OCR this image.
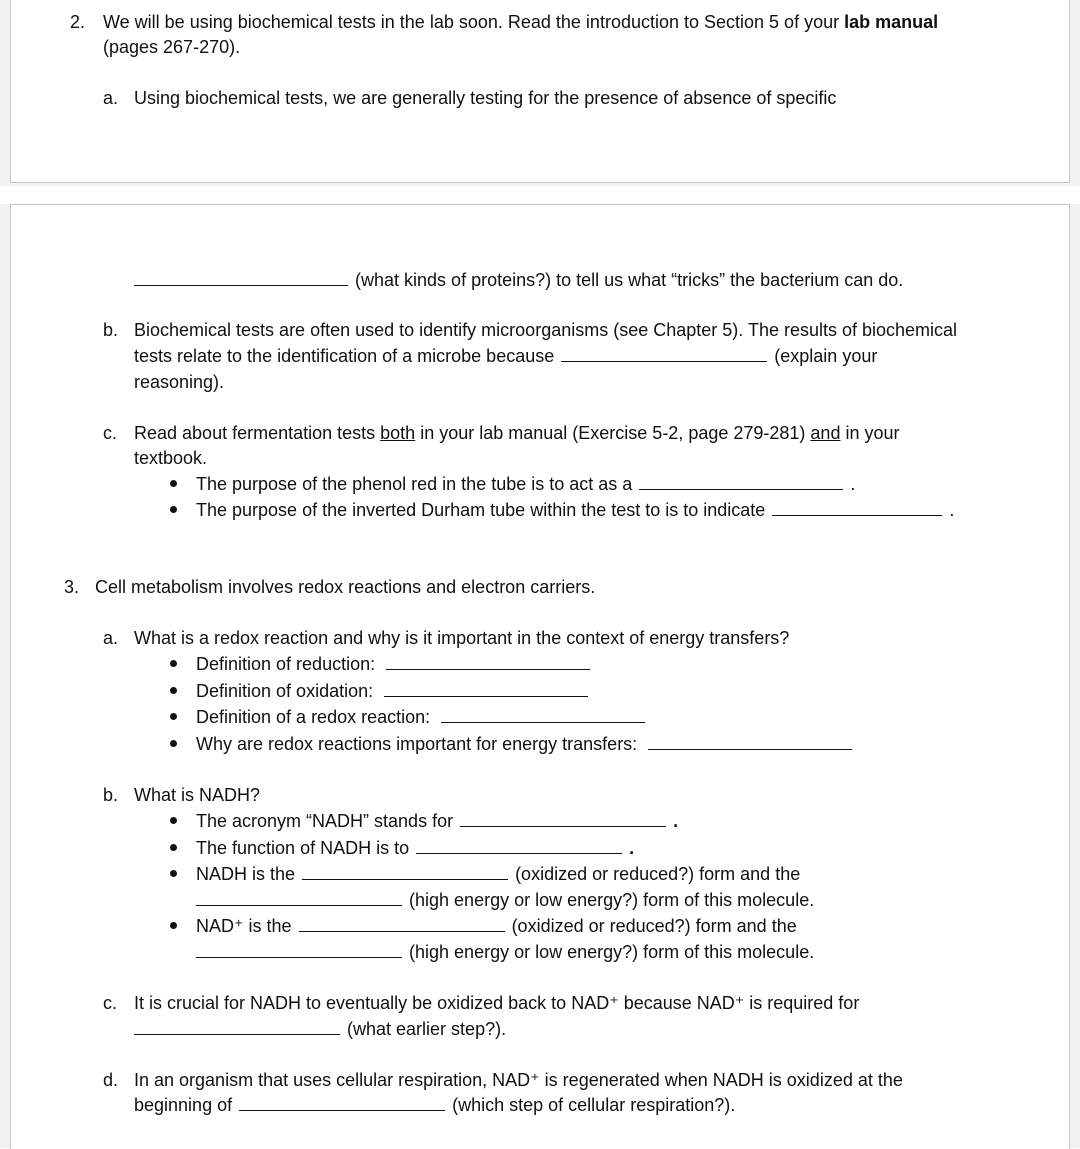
2. We will be using biochemical tests in the lab soon. Read the introduction to Section 5 of your lab manual
(pages 267-270).
a. Using biochemical tests, we are generally testing for the presence of absence of specific
(what kinds of proteins?) to tell us what “tricks” the bacterium can do.
b. Biochemical tests are often used to identify microorganisms (see Chapter 5). The results of biochemical
tests relate to the identification of a microbe because	(explain your
reasoning).
c. Read about fermentation tests both in your lab manual (Exercise 5-2, page 279-281) and in your
textbook.
The purpose of the phenol red in the tube is to act as a	.
The purpose of the inverted Durham tube within the test to is to indicate	.
3. Cell metabolism involves redox reactions and electron carriers.
a. What is a redox reaction and why is it important in the context of energy transfers?
Definition of reduction:
Definition of oxidation:
Definition of a redox reaction:
Why are redox reactions important for energy transfers:
b. What is NADH?
The acronym “NADH” stands for	.
The function of NADH is to	.
NADH is the	(oxidized or reduced?) form and the
(high energy or low energy?) form of this molecule.
NAD⁺ is the	(oxidized or reduced?) form and the
(high energy or low energy?) form of this molecule.
c. It is crucial for NADH to eventually be oxidized back to NAD⁺ because NAD⁺ is required for
(what earlier step?).
d. In an organism that uses cellular respiration, NAD⁺ is regenerated when NADH is oxidized at the
beginning of	(which step of cellular respiration?).
